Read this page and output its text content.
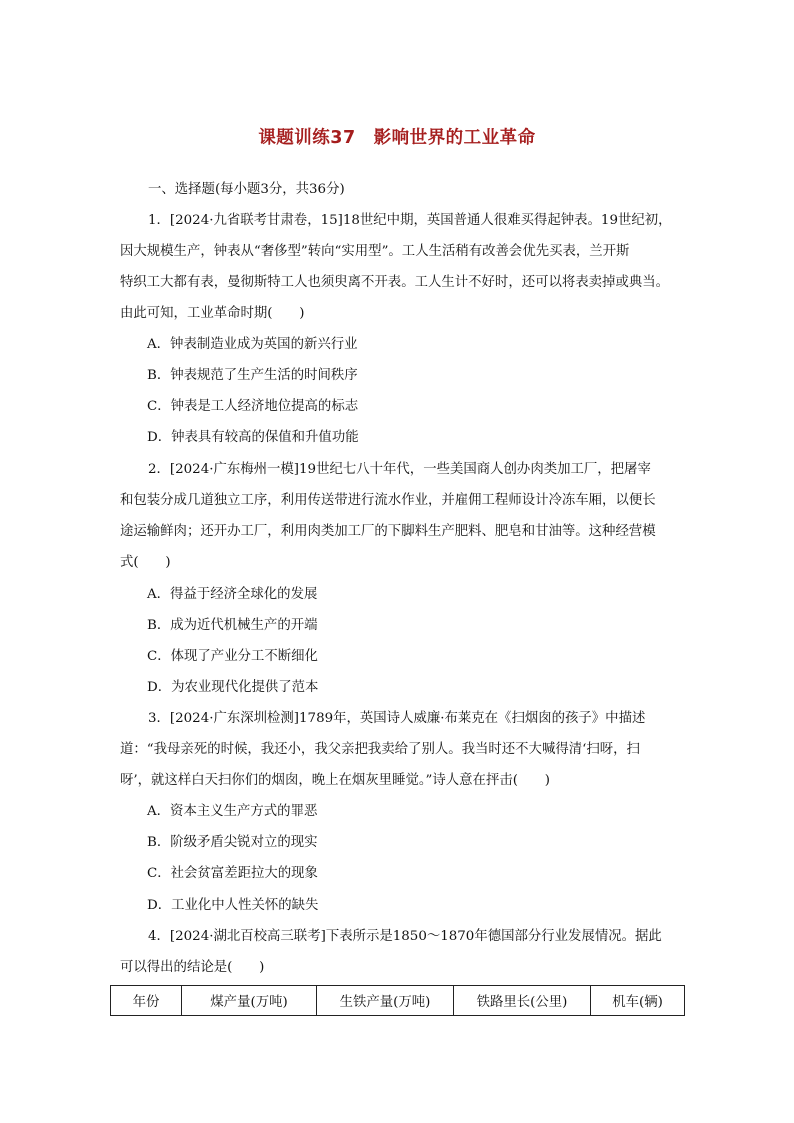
课题训练37　影响世界的工业革命
一、选择题(每小题3分，共36分)
1．[2024·九省联考甘肃卷，15]18世纪中期，英国普通人很难买得起钟表。19世纪初，
因大规模生产，钟表从“奢侈型”转向“实用型”。工人生活稍有改善会优先买表，兰开斯
特织工大都有表，曼彻斯特工人也须臾离不开表。工人生计不好时，还可以将表卖掉或典当。
由此可知，工业革命时期(　　)
A．钟表制造业成为英国的新兴行业
B．钟表规范了生产生活的时间秩序
C．钟表是工人经济地位提高的标志
D．钟表具有较高的保值和升值功能
2．[2024·广东梅州一模]19世纪七八十年代，一些美国商人创办肉类加工厂，把屠宰
和包装分成几道独立工序，利用传送带进行流水作业，并雇佣工程师设计冷冻车厢，以便长
途运输鲜肉；还开办工厂，利用肉类加工厂的下脚料生产肥料、肥皂和甘油等。这种经营模
式(　　)
A．得益于经济全球化的发展
B．成为近代机械生产的开端
C．体现了产业分工不断细化
D．为农业现代化提供了范本
3．[2024·广东深圳检测]1789年，英国诗人威廉·布莱克在《扫烟囱的孩子》中描述
道：“我母亲死的时候，我还小，我父亲把我卖给了别人。我当时还不大喊得清‘扫呀，扫
呀’，就这样白天扫你们的烟囱，晚上在烟灰里睡觉。”诗人意在抨击(　　)
A．资本主义生产方式的罪恶
B．阶级矛盾尖锐对立的现实
C．社会贫富差距拉大的现象
D．工业化中人性关怀的缺失
4．[2024·湖北百校高三联考]下表所示是1850～1870年德国部分行业发展情况。据此
可以得出的结论是(　　)
年份	煤产量(万吨)	生铁产量(万吨)	铁路里长(公里)	机车(辆)
